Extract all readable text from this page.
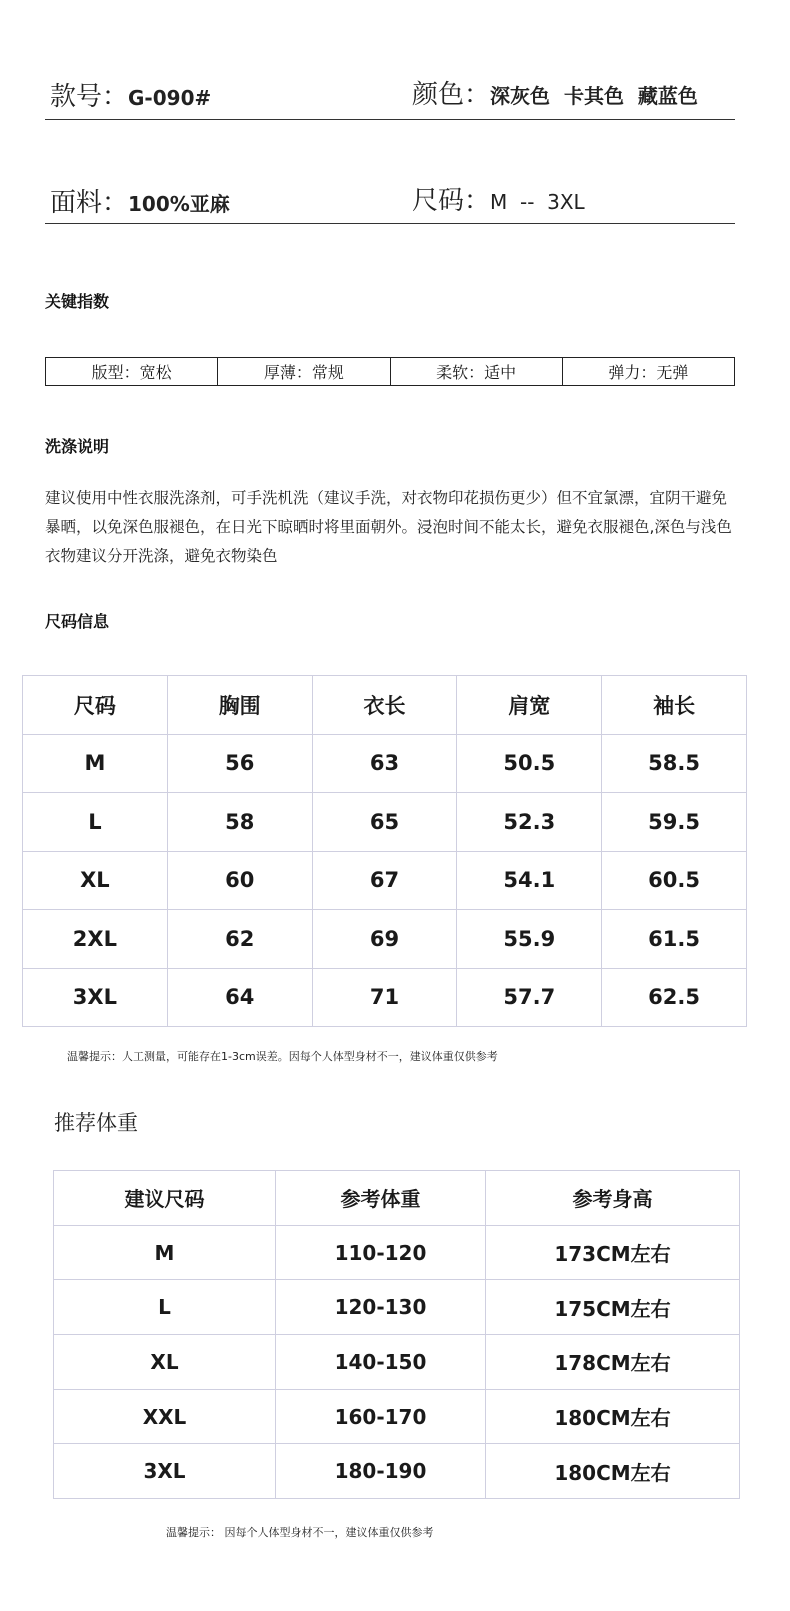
款号：G-090#	颜色：深灰色  卡其色  藏蓝色
面料：100%亚麻	尺码：M  --  3XL
关键指数
版型：宽松	厚薄：常规	柔软：适中	弹力：无弹
洗涤说明
建议使用中性衣服洗涤剂，可手洗机洗（建议手洗，对衣物印花损伤更少）但不宜氯漂，宜阴干避免暴晒，以免深色服褪色，在日光下晾晒时将里面朝外。浸泡时间不能太长，避免衣服褪色,深色与浅色衣物建议分开洗涤，避免衣物染色
尺码信息
尺码	胸围	衣长	肩宽	袖长
M	56	63	50.5	58.5
L	58	65	52.3	59.5
XL	60	67	54.1	60.5
2XL	62	69	55.9	61.5
3XL	64	71	57.7	62.5
温馨提示：人工测量，可能存在1-3cm误差。因每个人体型身材不一，建议体重仅供参考
推荐体重
建议尺码	参考体重	参考身高
M	110-120	173CM左右
L	120-130	175CM左右
XL	140-150	178CM左右
XXL	160-170	180CM左右
3XL	180-190	180CM左右
温馨提示： 因每个人体型身材不一，建议体重仅供参考
